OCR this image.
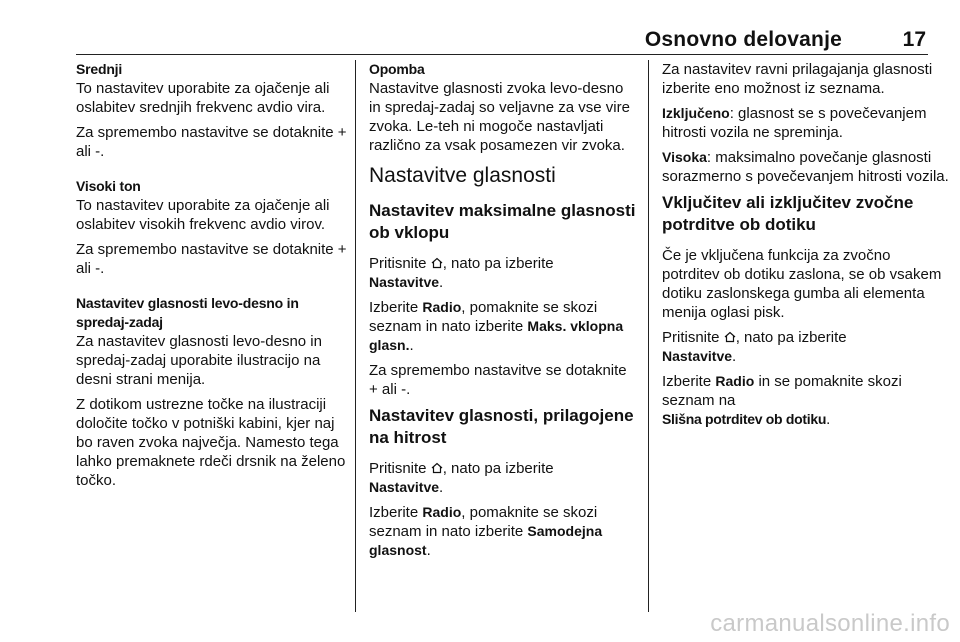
Osnovno delovanje	17
Srednji

To nastavitev uporabite za ojačenje ali oslabitev srednjih frekvenc avdio vira.

Za spremembo nastavitve se dotaknite + ali -.

Visoki ton

To nastavitev uporabite za ojačenje ali oslabitev visokih frekvenc avdio virov.

Za spremembo nastavitve se dotaknite + ali -.

Nastavitev glasnosti levo-desno in spredaj-zadaj

Za nastavitev glasnosti levo-desno in spredaj-zadaj uporabite ilustracijo na desni strani menija.

Z dotikom ustrezne točke na ilustraciji določite točko v potniški kabini, kjer naj bo raven zvoka največja. Namesto tega lahko premaknete rdeči drsnik na želeno točko.

Opomba

Nastavitve glasnosti zvoka levo-desno in spredaj-zadaj so veljavne za vse vire zvoka. Le-teh ni mogoče nastavljati različno za vsak posamezen vir zvoka.

Nastavitve glasnosti
Nastavitev maksimalne glasnosti ob vklopu

Pritisnite , nato pa izberite
Nastavitve.

Izberite Radio, pomaknite se skozi seznam in nato izberite Maks. vklopna glasn..

Za spremembo nastavitve se dotaknite + ali -.

Nastavitev glasnosti, prilagojene na hitrost

Pritisnite , nato pa izberite
Nastavitve.

Izberite Radio, pomaknite se skozi seznam in nato izberite Samodejna glasnost.

Za nastavitev ravni prilagajanja glasnosti izberite eno možnost iz seznama.

Izključeno: glasnost se s povečevanjem hitrosti vozila ne spreminja.

Visoka: maksimalno povečanje glasnosti sorazmerno s povečevanjem hitrosti vozila.

Vključitev ali izključitev zvočne potrditve ob dotiku

Če je vključena funkcija za zvočno potrditev ob dotiku zaslona, se ob vsakem dotiku zaslonskega gumba ali elementa menija oglasi pisk.

Pritisnite , nato pa izberite
Nastavitve.

Izberite Radio in se pomaknite skozi seznam na
Slišna potrditev ob dotiku.

carmanualsonline.info
